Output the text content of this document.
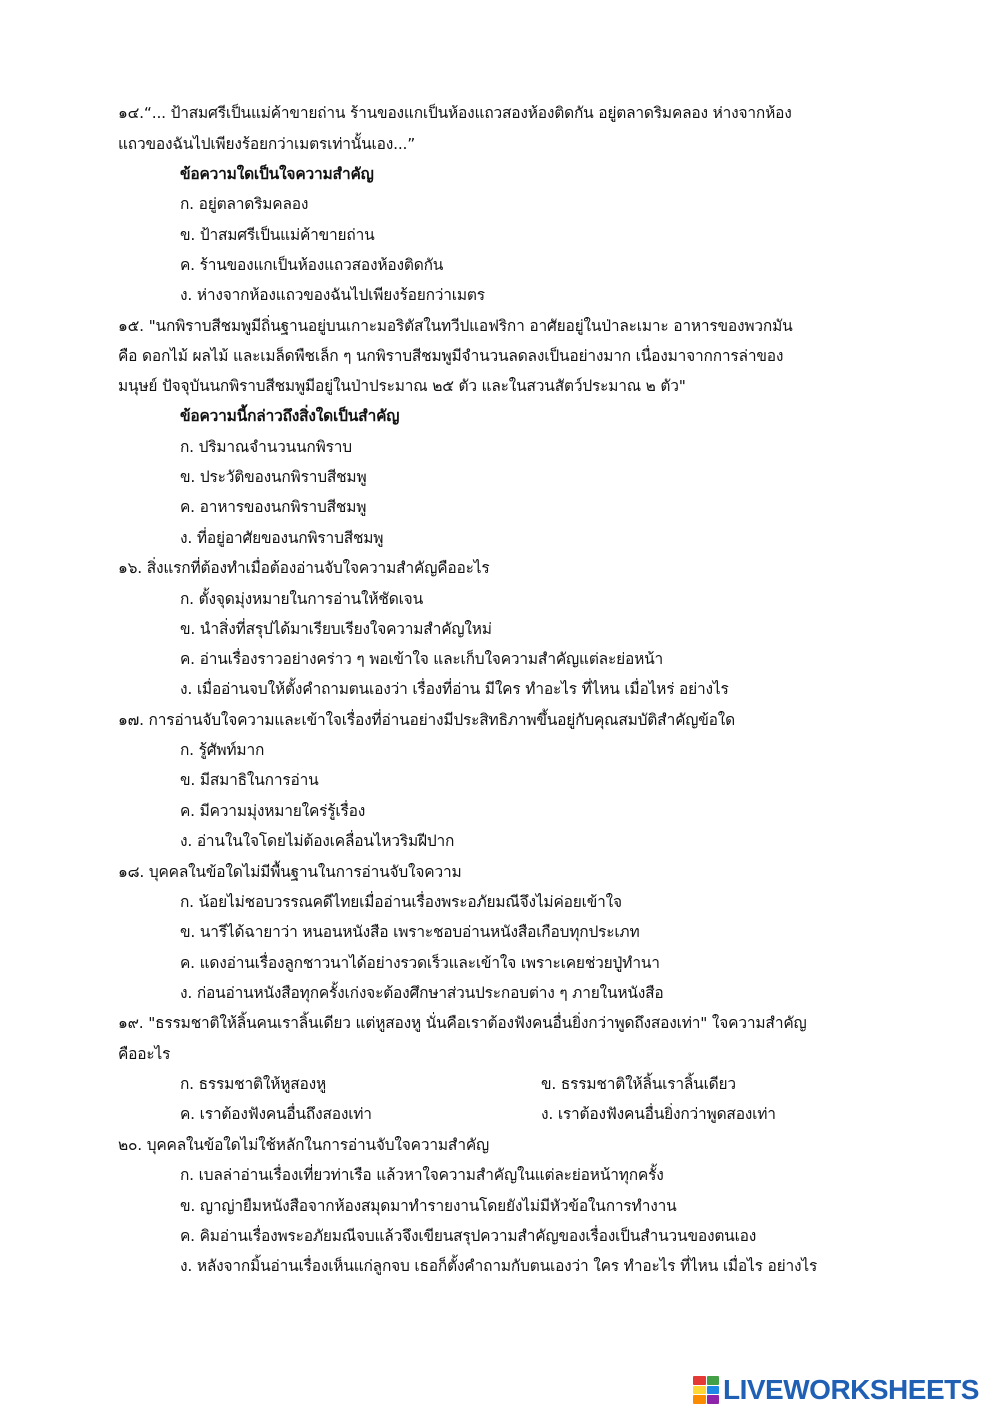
๑๔.“... ป้าสมศรีเป็นแม่ค้าขายถ่าน ร้านของแกเป็นห้องแถวสองห้องติดกัน อยู่ตลาดริมคลอง ห่างจากห้อง
แถวของฉันไปเพียงร้อยกว่าเมตรเท่านั้นเอง...”
ข้อความใดเป็นใจความสำคัญ
ก. อยู่ตลาดริมคลอง
ข. ป้าสมศรีเป็นแม่ค้าขายถ่าน
ค. ร้านของแกเป็นห้องแถวสองห้องติดกัน
ง. ห่างจากห้องแถวของฉันไปเพียงร้อยกว่าเมตร
๑๕. "นกพิราบสีชมพูมีถิ่นฐานอยู่บนเกาะมอริตัสในทวีปแอฟริกา อาศัยอยู่ในป่าละเมาะ อาหารของพวกมัน
คือ ดอกไม้ ผลไม้ และเมล็ดพืชเล็ก ๆ นกพิราบสีชมพูมีจำนวนลดลงเป็นอย่างมาก เนื่องมาจากการล่าของ
มนุษย์ ปัจจุบันนกพิราบสีชมพูมีอยู่ในป่าประมาณ ๒๕ ตัว และในสวนสัตว์ประมาณ ๒ ตัว"
ข้อความนี้กล่าวถึงสิ่งใดเป็นสำคัญ
ก. ปริมาณจำนวนนกพิราบ
ข. ประวัติของนกพิราบสีชมพู
ค. อาหารของนกพิราบสีชมพู
ง. ที่อยู่อาศัยของนกพิราบสีชมพู
๑๖. สิ่งแรกที่ต้องทำเมื่อต้องอ่านจับใจความสำคัญคืออะไร
ก. ตั้งจุดมุ่งหมายในการอ่านให้ชัดเจน
ข. นำสิ่งที่สรุปได้มาเรียบเรียงใจความสำคัญใหม่
ค. อ่านเรื่องราวอย่างคร่าว ๆ พอเข้าใจ และเก็บใจความสำคัญแต่ละย่อหน้า
ง. เมื่ออ่านจบให้ตั้งคำถามตนเองว่า เรื่องที่อ่าน มีใคร ทำอะไร ที่ไหน เมื่อไหร่ อย่างไร
๑๗. การอ่านจับใจความและเข้าใจเรื่องที่อ่านอย่างมีประสิทธิภาพขึ้นอยู่กับคุณสมบัติสำคัญข้อใด
ก. รู้ศัพท์มาก
ข. มีสมาธิในการอ่าน
ค. มีความมุ่งหมายใคร่รู้เรื่อง
ง. อ่านในใจโดยไม่ต้องเคลื่อนไหวริมฝีปาก
๑๘. บุคคลในข้อใดไม่มีพื้นฐานในการอ่านจับใจความ
ก. น้อยไม่ชอบวรรณคดีไทยเมื่ออ่านเรื่องพระอภัยมณีจึงไม่ค่อยเข้าใจ
ข. นารีได้ฉายาว่า หนอนหนังสือ เพราะชอบอ่านหนังสือเกือบทุกประเภท
ค. แดงอ่านเรื่องลูกชาวนาได้อย่างรวดเร็วและเข้าใจ เพราะเคยช่วยปู่ทำนา
ง. ก่อนอ่านหนังสือทุกครั้งเก่งจะต้องศึกษาส่วนประกอบต่าง ๆ ภายในหนังสือ
๑๙. "ธรรมชาติให้ลิ้นคนเราลิ้นเดียว แต่หูสองหู นั่นคือเราต้องฟังคนอื่นยิ่งกว่าพูดถึงสองเท่า" ใจความสำคัญ
คืออะไร
ก. ธรรมชาติให้หูสองหู	ข. ธรรมชาติให้ลิ้นเราลิ้นเดียว
ค. เราต้องฟังคนอื่นถึงสองเท่า	ง. เราต้องฟังคนอื่นยิ่งกว่าพูดสองเท่า
๒๐. บุคคลในข้อใดไม่ใช้หลักในการอ่านจับใจความสำคัญ
ก. เบลล่าอ่านเรื่องเที่ยวท่าเรือ แล้วหาใจความสำคัญในแต่ละย่อหน้าทุกครั้ง
ข. ญาญ่ายืมหนังสือจากห้องสมุดมาทำรายงานโดยยังไม่มีหัวข้อในการทำงาน
ค. คิมอ่านเรื่องพระอภัยมณีจบแล้วจึงเขียนสรุปความสำคัญของเรื่องเป็นสำนวนของตนเอง
ง. หลังจากมิ้นอ่านเรื่องเห็นแก่ลูกจบ เธอก็ตั้งคำถามกับตนเองว่า ใคร ทำอะไร ที่ไหน เมื่อไร อย่างไร
LIVEWORKSHEETS
